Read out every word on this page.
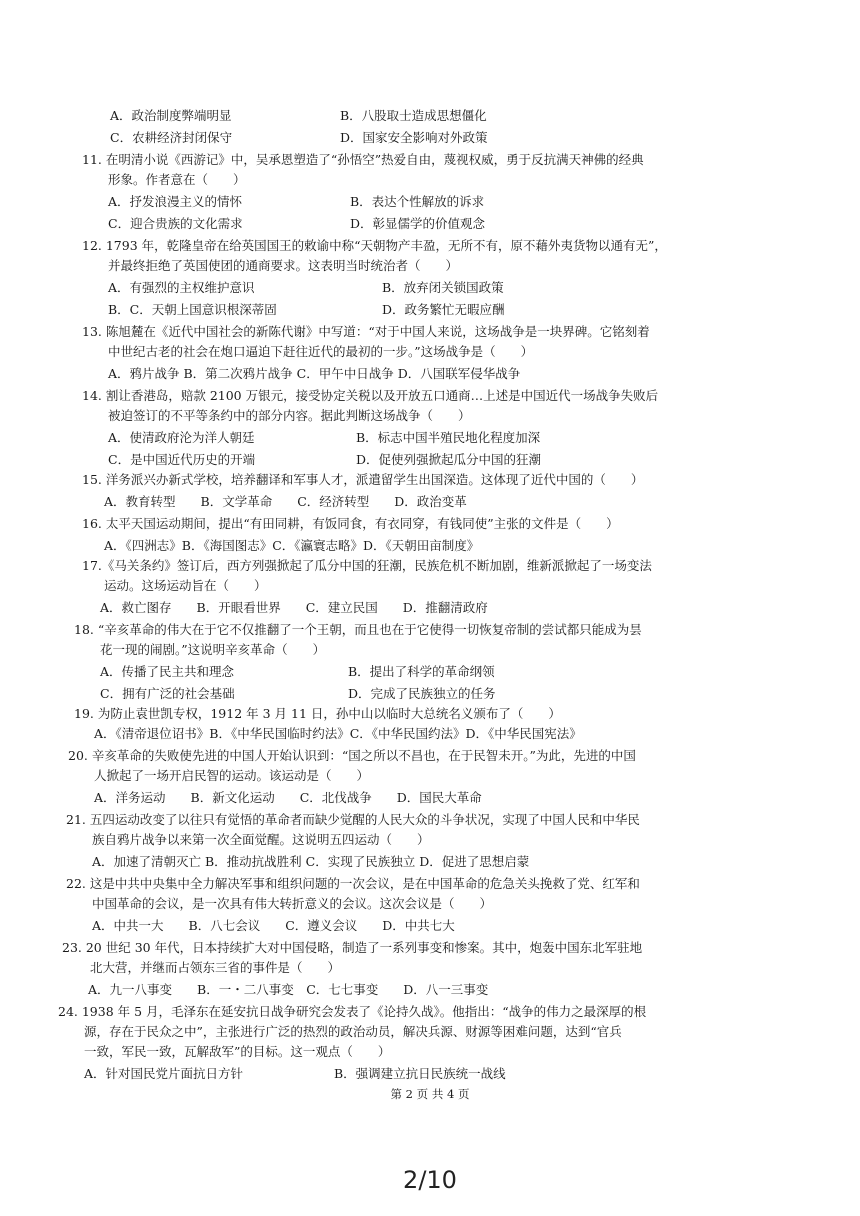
A．政治制度弊端明显	B．八股取士造成思想僵化
C．农耕经济封闭保守	D．国家安全影响对外政策
11. 在明清小说《西游记》中，吴承恩塑造了“孙悟空”热爱自由，蔑视权威，勇于反抗满天神佛的经典
形象。作者意在（　　）
A．抒发浪漫主义的情怀	B．表达个性解放的诉求
C．迎合贵族的文化需求	D．彰显儒学的价值观念
12. 1793 年，乾隆皇帝在给英国国王的敕谕中称“天朝物产丰盈，无所不有，原不藉外夷货物以通有无”，
并最终拒绝了英国使团的通商要求。这表明当时统治者（　　）
A．有强烈的主权维护意识	B．放弃闭关锁国政策
B．C．天朝上国意识根深蒂固	D．政务繁忙无暇应酬
13. 陈旭麓在《近代中国社会的新陈代谢》中写道：“对于中国人来说，这场战争是一块界碑。它铭刻着
中世纪古老的社会在炮口逼迫下赶往近代的最初的一步。”这场战争是（　　）
A．鸦片战争 B．第二次鸦片战争 C．甲午中日战争 D．八国联军侵华战争
14. 割让香港岛，赔款 2100 万银元，接受协定关税以及开放五口通商…上述是中国近代一场战争失败后
被迫签订的不平等条约中的部分内容。据此判断这场战争（　　）
A．使清政府沦为洋人朝廷	B．标志中国半殖民地化程度加深
C．是中国近代历史的开端	D．促使列强掀起瓜分中国的狂潮
15. 洋务派兴办新式学校，培养翻译和军事人才，派遣留学生出国深造。这体现了近代中国的（　　）
A．教育转型　　B．文学革命　　C．经济转型　　D．政治变革
16. 太平天国运动期间，提出“有田同耕，有饭同食，有衣同穿，有钱同使”主张的文件是（　　）
A．《四洲志》B．《海国图志》C．《瀛寰志略》D．《天朝田亩制度》
17.《马关条约》签订后，西方列强掀起了瓜分中国的狂潮，民族危机不断加剧，维新派掀起了一场变法
运动。这场运动旨在（　　）
A．救亡图存　　B．开眼看世界　　C．建立民国　　D．推翻清政府
18. “辛亥革命的伟大在于它不仅推翻了一个王朝，而且也在于它使得一切恢复帝制的尝试都只能成为昙
花一现的闹剧。”这说明辛亥革命（　　）
A．传播了民主共和理念	B．提出了科学的革命纲领
C．拥有广泛的社会基础	D．完成了民族独立的任务
19. 为防止袁世凯专权，1912 年 3 月 11 日，孙中山以临时大总统名义颁布了（　　）
A．《清帝退位诏书》B．《中华民国临时约法》C．《中华民国约法》D．《中华民国宪法》
20. 辛亥革命的失败使先进的中国人开始认识到：“国之所以不昌也，在于民智未开。”为此，先进的中国
人掀起了一场开启民智的运动。该运动是（　　）
A．洋务运动　　B．新文化运动　　C．北伐战争　　D．国民大革命
21. 五四运动改变了以往只有觉悟的革命者而缺少觉醒的人民大众的斗争状况，实现了中国人民和中华民
族自鸦片战争以来第一次全面觉醒。这说明五四运动（　　）
A．加速了清朝灭亡 B．推动抗战胜利 C．实现了民族独立 D．促进了思想启蒙
22. 这是中共中央集中全力解决军事和组织问题的一次会议，是在中国革命的危急关头挽救了党、红军和
中国革命的会议，是一次具有伟大转折意义的会议。这次会议是（　　）
A．中共一大　　B．八七会议　　C．遵义会议　　D．中共七大
23. 20 世纪 30 年代，日本持续扩大对中国侵略，制造了一系列事变和惨案。其中，炮轰中国东北军驻地
北大营，并继而占领东三省的事件是（　　）
A．九一八事变　　B．一・二八事变　C．七七事变　　D．八一三事变
24. 1938 年 5 月，毛泽东在延安抗日战争研究会发表了《论持久战》。他指出：“战争的伟力之最深厚的根
源，存在于民众之中”，主张进行广泛的热烈的政治动员，解决兵源、财源等困难问题，达到“官兵
一致，军民一致，瓦解敌军”的目标。这一观点（　　）
A．针对国民党片面抗日方针	B．强调建立抗日民族统一战线
第 2 页 共 4 页
2/10
